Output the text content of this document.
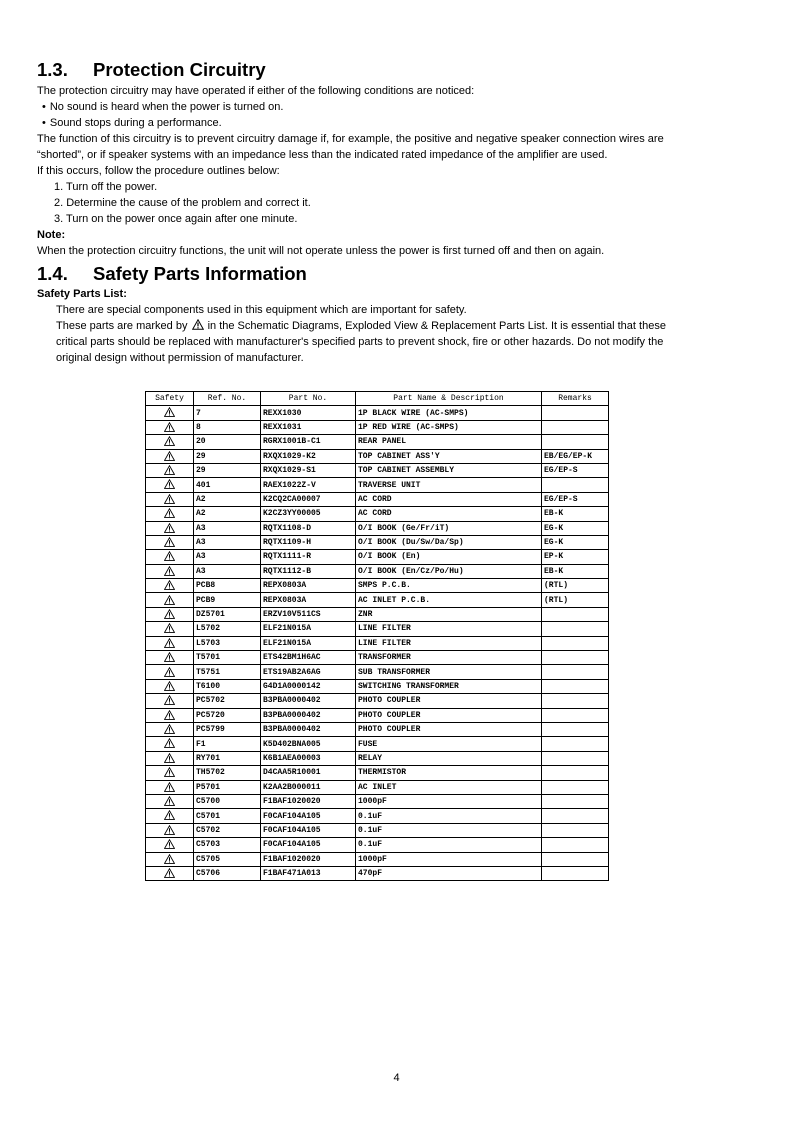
1.3. Protection Circuitry

The protection circuitry may have operated if either of the following conditions are noticed:

• No sound is heard when the power is turned on.
• Sound stops during a performance.

The function of this circuitry is to prevent circuitry damage if, for example, the positive and negative speaker connection wires are

“shorted”, or if speaker systems with an impedance less than the indicated rated impedance of the amplifier are used.

If this occurs, follow the procedure outlines below:

1. Turn off the power.
2. Determine the cause of the problem and correct it.
3. Turn on the power once again after one minute.

Note:

When the protection circuitry functions, the unit will not operate unless the power is first turned off and then on again.

1.4. Safety Parts Information

Safety Parts List:

There are special components used in this equipment which are important for safety.

These parts are marked by in the Schematic Diagrams, Exploded View & Replacement Parts List. It is essential that these

critical parts should be replaced with manufacturer's specified parts to prevent shock, fire or other hazards. Do not modify the

original design without permission of manufacturer.

Safety	Ref. No.	Part No.	Part Name & Description	Remarks
	7	REXX1030	1P BLACK WIRE (AC-SMPS)	
	8	REXX1031	1P RED WIRE (AC-SMPS)	
	20	RGRX1001B-C1	REAR PANEL	
	29	RXQX1029-K2	TOP CABINET ASS'Y	EB/EG/EP-K
	29	RXQX1029-S1	TOP CABINET ASSEMBLY	EG/EP-S
	401	RAEX1022Z-V	TRAVERSE UNIT	
	A2	K2CQ2CA00007	AC CORD	EG/EP-S
	A2	K2CZ3YY00005	AC CORD	EB-K
	A3	RQTX1108-D	O/I BOOK (Ge/Fr/iT)	EG-K
	A3	RQTX1109-H	O/I BOOK (Du/Sw/Da/Sp)	EG-K
	A3	RQTX1111-R	O/I BOOK (En)	EP-K
	A3	RQTX1112-B	O/I BOOK (En/Cz/Po/Hu)	EB-K
	PCB8	REPX0803A	SMPS P.C.B.	(RTL)
	PCB9	REPX0803A	AC INLET P.C.B.	(RTL)
	DZ5701	ERZV10V511CS	ZNR	
	L5702	ELF21N015A	LINE FILTER	
	L5703	ELF21N015A	LINE FILTER	
	T5701	ETS42BM1H6AC	TRANSFORMER	
	T5751	ETS19AB2A6AG	SUB TRANSFORMER	
	T6100	G4D1A0000142	SWITCHING TRANSFORMER	
	PC5702	B3PBA0000402	PHOTO COUPLER	
	PC5720	B3PBA0000402	PHOTO COUPLER	
	PC5799	B3PBA0000402	PHOTO COUPLER	
	F1	K5D402BNA005	FUSE	
	RY701	K6B1AEA00003	RELAY	
	TH5702	D4CAA5R10001	THERMISTOR	
	P5701	K2AA2B000011	AC INLET	
	C5700	F1BAF1020020	1000pF	
	C5701	F0CAF104A105	0.1uF	
	C5702	F0CAF104A105	0.1uF	
	C5703	F0CAF104A105	0.1uF	
	C5705	F1BAF1020020	1000pF	
	C5706	F1BAF471A013	470pF	
4
